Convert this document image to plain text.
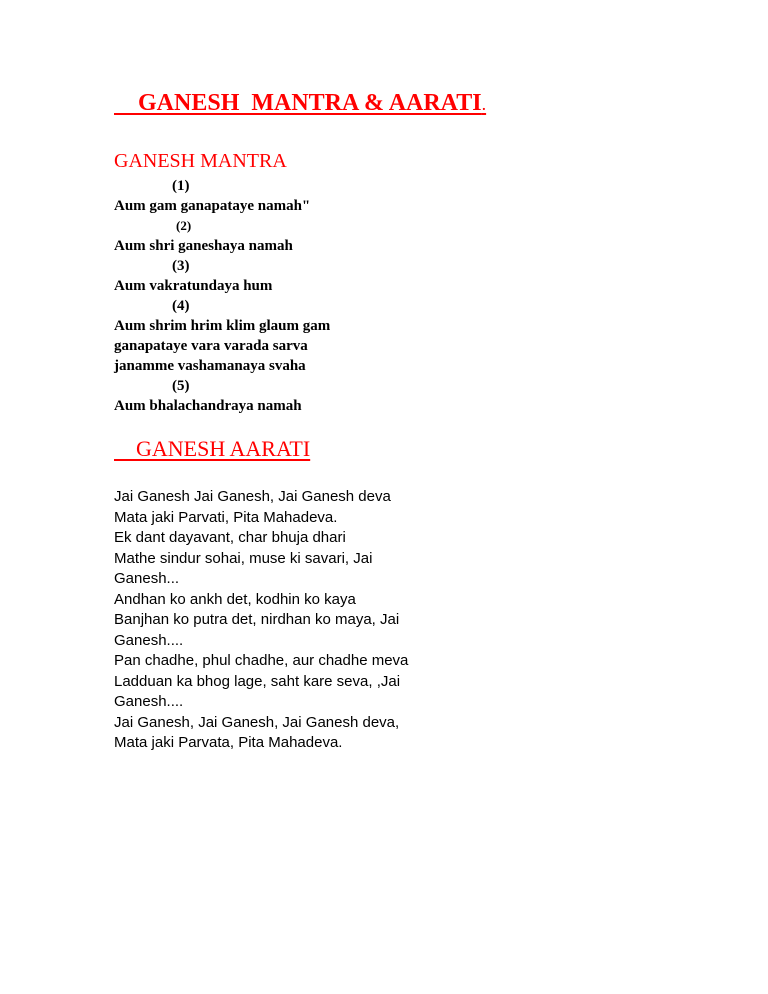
GANESH  MANTRA & AARATI.
GANESH MANTRA
(1)
Aum gam ganapataye namah"
(2)
Aum shri ganeshaya namah
(3)
Aum vakratundaya hum
(4)
Aum shrim hrim klim glaum gam
ganapataye vara varada sarva
janamme vashamanaya svaha
(5)
Aum bhalachandraya namah
GANESH AARATI
Jai Ganesh Jai Ganesh, Jai Ganesh deva
Mata jaki Parvati, Pita Mahadeva.
Ek dant dayavant, char bhuja dhari
Mathe sindur sohai, muse ki savari, Jai
Ganesh...
Andhan ko ankh det, kodhin ko kaya
Banjhan ko putra det, nirdhan ko maya, Jai
Ganesh....
Pan chadhe, phul chadhe, aur chadhe meva
Ladduan ka bhog lage, saht kare seva, ,Jai
Ganesh....
Jai Ganesh, Jai Ganesh, Jai Ganesh deva,
Mata jaki Parvata, Pita Mahadeva.
